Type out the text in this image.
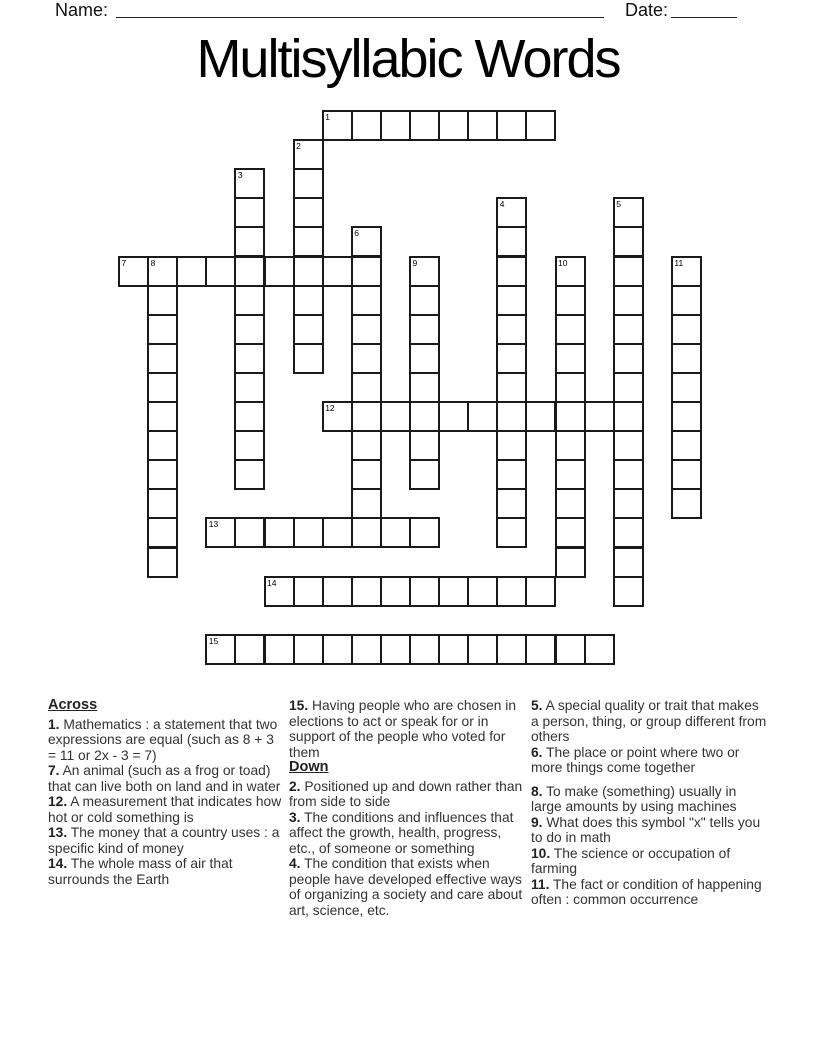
Name:	Date:
Multisyllabic Words
1
2
3
4	5
6
7	8	9	10	11
12
13
14
15
Across
1. Mathematics : a statement that two expressions are equal (such as 8 + 3 = 11 or 2x - 3 = 7)
7. An animal (such as a frog or toad) that can live both on land and in water
12. A measurement that indicates how hot or cold something is
13. The money that a country uses : a specific kind of money
14. The whole mass of air that surrounds the Earth
15. Having people who are chosen in elections to act or speak for or in support of the people who voted for them
Down
2. Positioned up and down rather than from side to side
3. The conditions and influences that affect the growth, health, progress, etc., of someone or something
4. The condition that exists when people have developed effective ways of organizing a society and care about art, science, etc.
5. A special quality or trait that makes a person, thing, or group different from others
6. The place or point where two or more things come together
8. To make (something) usually in large amounts by using machines
9. What does this symbol "x" tells you to do in math
10. The science or occupation of farming
11. The fact or condition of happening often : common occurrence
